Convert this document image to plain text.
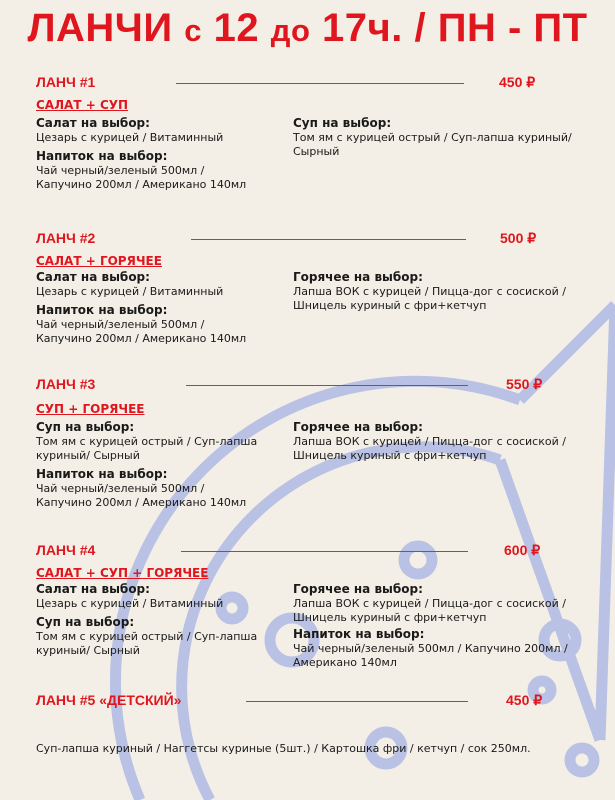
ЛАНЧИ с 12 до 17ч. / ПН - ПТ
ЛАНЧ #1	450 ₽
САЛАТ + СУП
Салат на выбор:
Цезарь с курицей / Витаминный
Напиток на выбор:
Чай черный/зеленый 500мл /
Капучино 200мл / Американо 140мл
Суп на выбор:
Том ям с курицей острый / Суп-лапша куриный/
Сырный
ЛАНЧ #2	500 ₽
САЛАТ + ГОРЯЧЕЕ
Салат на выбор:
Цезарь с курицей / Витаминный
Напиток на выбор:
Чай черный/зеленый 500мл /
Капучино 200мл / Американо 140мл
Горячее на выбор:
Лапша ВОК с курицей / Пицца-дог с сосиской /
Шницель куриный с фри+кетчуп
ЛАНЧ #3	550 ₽
СУП + ГОРЯЧЕЕ
Суп на выбор:
Том ям с курицей острый / Суп-лапша
куриный/ Сырный
Напиток на выбор:
Чай черный/зеленый 500мл /
Капучино 200мл / Американо 140мл
Горячее на выбор:
Лапша ВОК с курицей / Пицца-дог с сосиской /
Шницель куриный с фри+кетчуп
ЛАНЧ #4	600 ₽
САЛАТ + СУП + ГОРЯЧЕЕ
Салат на выбор:
Цезарь с курицей / Витаминный
Суп на выбор:
Том ям с курицей острый / Суп-лапша
куриный/ Сырный
Горячее на выбор:
Лапша ВОК с курицей / Пицца-дог с сосиской /
Шницель куриный с фри+кетчуп
Напиток на выбор:
Чай черный/зеленый 500мл / Капучино 200мл /
Американо 140мл
ЛАНЧ #5 «ДЕТСКИЙ»	450 ₽
Суп-лапша куриный / Наггетсы куриные (5шт.) / Картошка фри / кетчуп / сок 250мл.
